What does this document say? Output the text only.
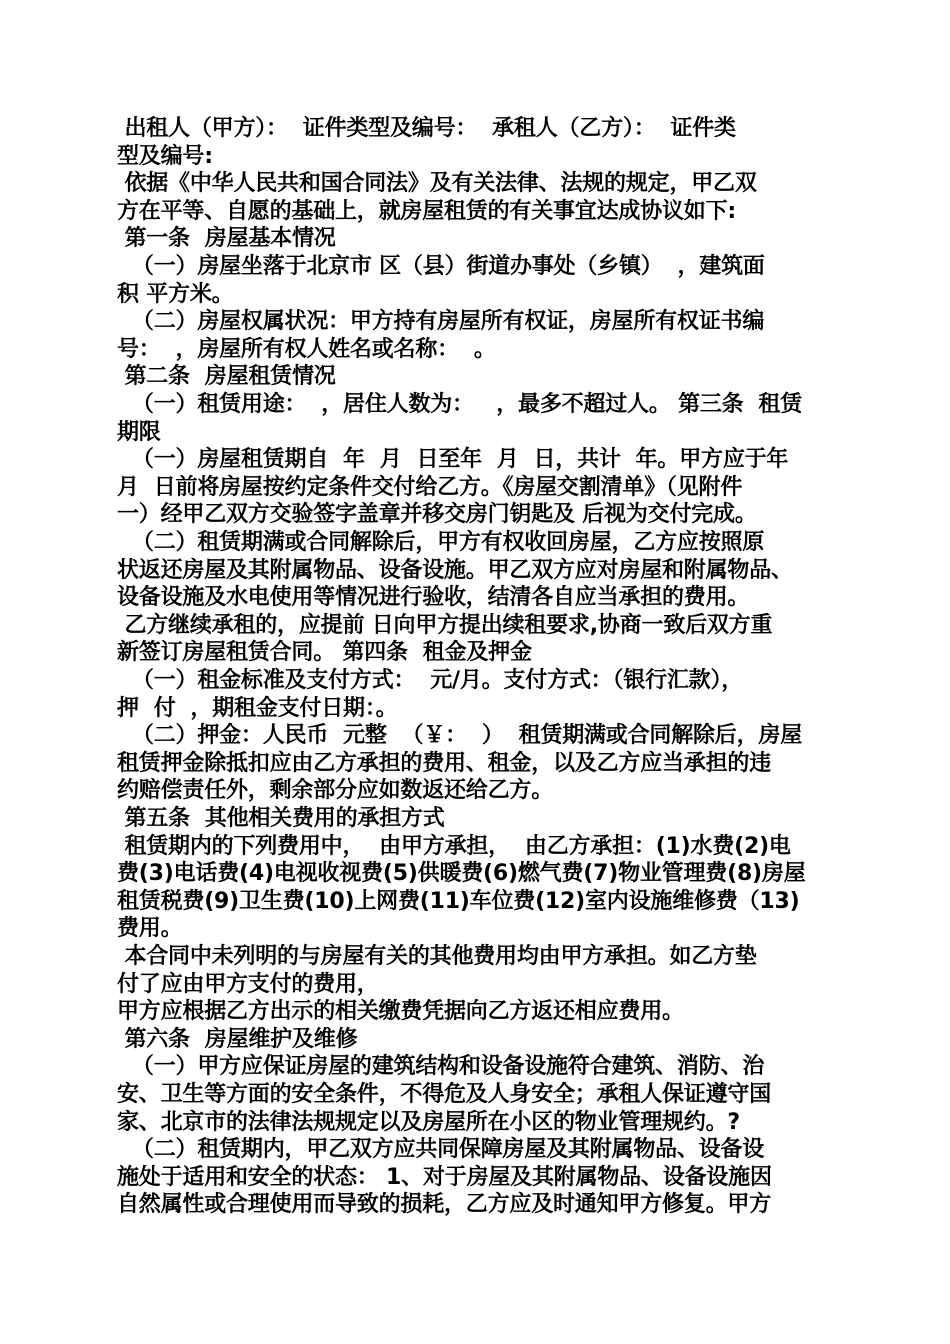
出租人（甲方）：  证件类型及编号：  承租人（乙方）：  证件类
型及编号:
依据《中华人民共和国合同法》及有关法律、法规的规定，甲乙双
方在平等、自愿的基础上，就房屋租赁的有关事宜达成协议如下:
第一条  房屋基本情况
（一）房屋坐落于北京市 区（县）街道办事处（乡镇）  ，建筑面
积 平方米。
（二）房屋权属状况：甲方持有房屋所有权证，房屋所有权证书编
号：  ，房屋所有权人姓名或名称：  。
第二条  房屋租赁情况
（一）租赁用途：  ，居住人数为：   ，最多不超过人。 第三条  租赁
期限
（一）房屋租赁期自  年  月  日至年  月  日，共计  年。甲方应于年
月  日前将房屋按约定条件交付给乙方。《房屋交割清单》（见附件
一）经甲乙双方交验签字盖章并移交房门钥匙及 后视为交付完成。
（二）租赁期满或合同解除后，甲方有权收回房屋，乙方应按照原
状返还房屋及其附属物品、设备设施。甲乙双方应对房屋和附属物品、
设备设施及水电使用等情况进行验收，结清各自应当承担的费用。
乙方继续承租的，应提前 日向甲方提出续租要求,协商一致后双方重
新签订房屋租赁合同。 第四条  租金及押金
（一）租金标准及支付方式：  元/月。支付方式：（银行汇款），
押  付  ，期租金支付日期：。
（二）押金：人民币  元整  （￥：  ）  租赁期满或合同解除后，房屋
租赁押金除抵扣应由乙方承担的费用、租金，以及乙方应当承担的违
约赔偿责任外，剩余部分应如数返还给乙方。
第五条  其他相关费用的承担方式
租赁期内的下列费用中，  由甲方承担，  由乙方承担：(1)水费(2)电
费(3)电话费(4)电视收视费(5)供暖费(6)燃气费(7)物业管理费(8)房屋
租赁税费(9)卫生费(10)上网费(11)车位费(12)室内设施维修费（13)
费用。
本合同中未列明的与房屋有关的其他费用均由甲方承担。如乙方垫
付了应由甲方支付的费用，
甲方应根据乙方出示的相关缴费凭据向乙方返还相应费用。
第六条  房屋维护及维修
（一）甲方应保证房屋的建筑结构和设备设施符合建筑、消防、治
安、卫生等方面的安全条件，不得危及人身安全；承租人保证遵守国
家、北京市的法律法规规定以及房屋所在小区的物业管理规约。?
（二）租赁期内，甲乙双方应共同保障房屋及其附属物品、设备设
施处于适用和安全的状态： 1、对于房屋及其附属物品、设备设施因
自然属性或合理使用而导致的损耗，乙方应及时通知甲方修复。甲方
